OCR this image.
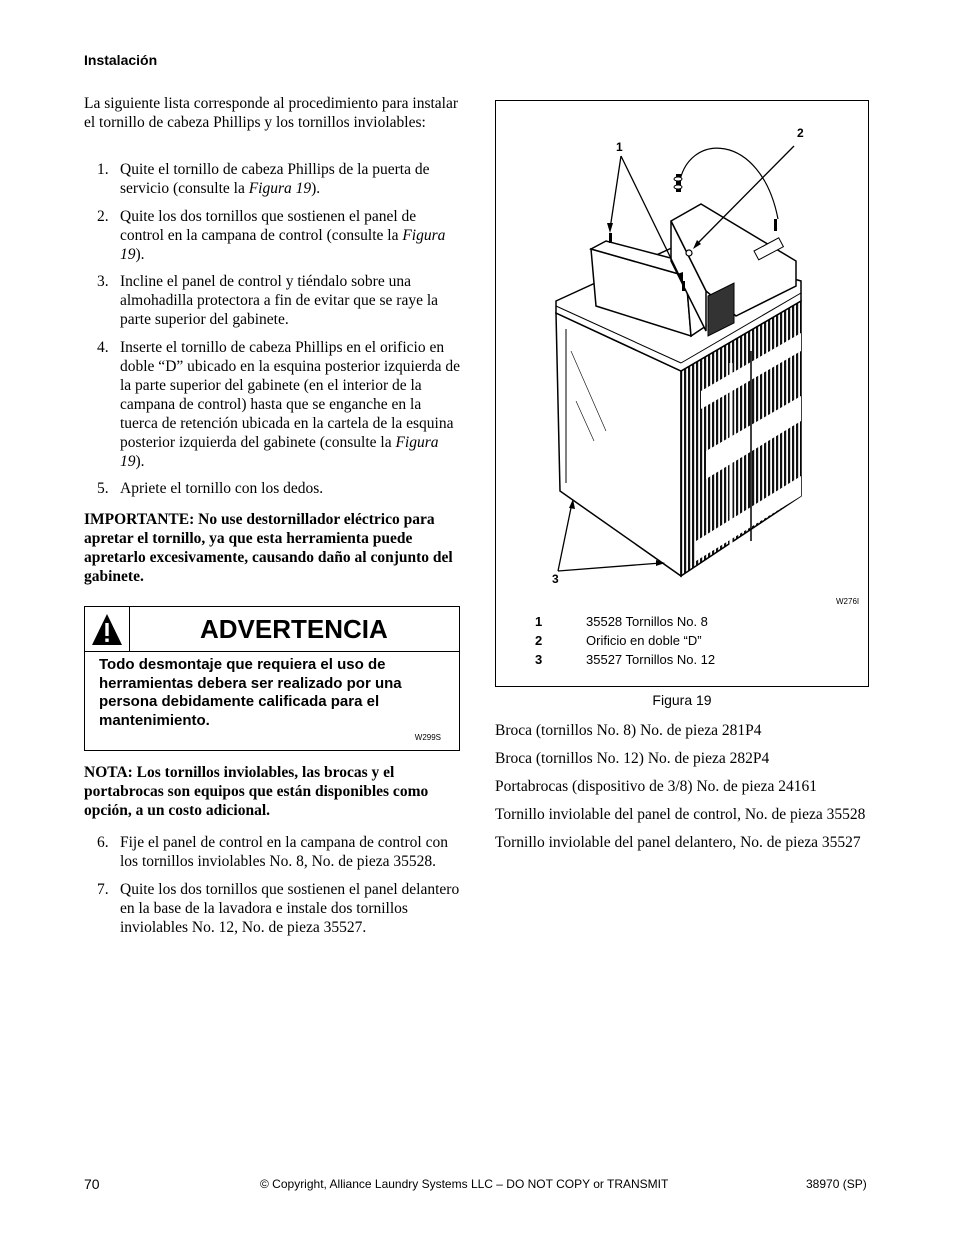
Instalación
La siguiente lista corresponde al procedimiento para instalar el tornillo de cabeza Phillips y los tornillos inviolables:
1. Quite el tornillo de cabeza Phillips de la puerta de servicio (consulte la Figura 19).
2. Quite los dos tornillos que sostienen el panel de control en la campana de control (consulte la Figura 19).
3. Incline el panel de control y tiéndalo sobre una almohadilla protectora a fin de evitar que se raye la parte superior del gabinete.
4. Inserte el tornillo de cabeza Phillips en el orificio en doble “D” ubicado en la esquina posterior izquierda de la parte superior del gabinete (en el interior de la campana de control) hasta que se enganche en la tuerca de retención ubicada en la cartela de la esquina posterior izquierda del gabinete (consulte la Figura 19).
5. Apriete el tornillo con los dedos.
IMPORTANTE: No use destornillador eléctrico para apretar el tornillo, ya que esta herramienta puede apretarlo excesivamente, causando daño al conjunto del gabinete.
ADVERTENCIA
Todo desmontaje que requiera el uso de herramientas debera ser realizado por una persona debidamente calificada para el mantenimiento.
W299S
NOTA: Los tornillos inviolables, las brocas y el portabrocas son equipos que están disponibles como opción, a un costo adicional.
6. Fije el panel de control en la campana de control con los tornillos inviolables No. 8, No. de pieza 35528.
7. Quite los dos tornillos que sostienen el panel delantero en la base de la lavadora e instale dos tornillos inviolables No. 12, No. de pieza 35527.
1
2
3
W276I
1	35528 Tornillos No. 8
2	Orificio en doble “D”
3	35527 Tornillos No. 12
Figura 19

Broca (tornillos No. 8) No. de pieza 281P4

Broca (tornillos No. 12) No. de pieza 282P4

Portabrocas (dispositivo de 3/8) No. de pieza 24161

Tornillo inviolable del panel de control, No. de pieza 35528

Tornillo inviolable del panel delantero, No. de pieza 35527

70	© Copyright, Alliance Laundry Systems LLC – DO NOT COPY or TRANSMIT	38970 (SP)
